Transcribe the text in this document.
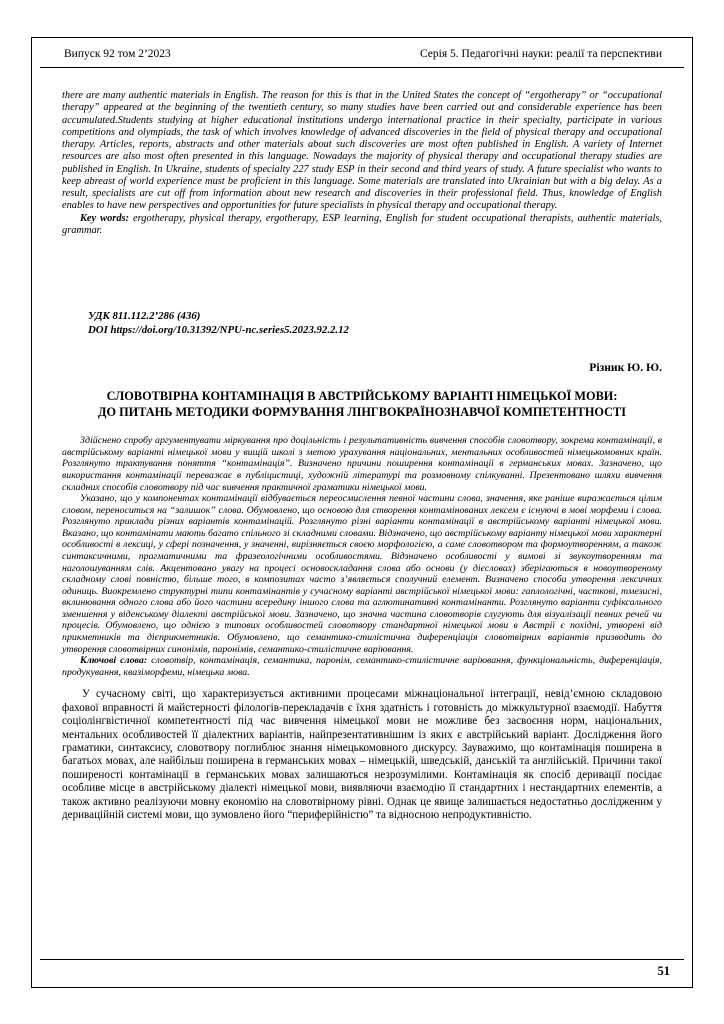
Випуск 92 том 2’2023	Серія 5. Педагогічні науки: реалії та перспективи

there are many authentic materials in English. The reason for this is that in the United States the concept of “ergotherapy” or “occupational therapy” appeared at the beginning of the twentieth century, so many studies have been carried out and considerable experience has been accumulated.Students studying at higher educational institutions undergo international practice in their specialty, participate in various competitions and olympiads, the task of which involves knowledge of advanced discoveries in the field of physical therapy and occupational therapy. Articles, reports, abstracts and other materials about such discoveries are most often published in English. A variety of Internet resources are also most often presented in this language. Nowadays the majority of physical therapy and occupational therapy studies are published in English. In Ukraine, students of specialty 227 study ESP in their second and third years of study. A future specialist who wants to keep abreast of world experience must be proficient in this language. Some materials are translated into Ukrainian but with a big delay. As a result, specialists are cut off from information about new research and discoveries in their professional field. Thus, knowledge of English enables to have new perspectives and opportunities for future specialists in physical therapy and occupational therapy.

Key words: ergotherapy, physical therapy, ergotherapy, ESP learning, English for student occupational therapists, authentic materials, grammar.

УДК 811.112.2’286 (436)
DOI https://doi.org/10.31392/NPU-nc.series5.2023.92.2.12
Різник Ю. Ю.
СЛОВОТВІРНА КОНТАМІНАЦІЯ В АВСТРІЙСЬКОМУ ВАРІАНТІ НІМЕЦЬКОЇ МОВИ:
ДО ПИТАНЬ МЕТОДИКИ ФОРМУВАННЯ ЛІНГВОКРАЇНОЗНАВЧОЇ КОМПЕТЕНТНОСТІ

Здійснено спробу аргументувати міркування про доцільність і результативність вивчення способів словотвору, зокрема контамінації, в австрійському варіанті німецької мови у вищій школі з метою урахування національних, ментальних особливостей німецькомовних країн. Розглянуто трактування поняття “контамінація”. Визначено причини поширення контамінації в германських мовах. Зазначено, що використання контамінації переважає в публіцистиці, художній літературі та розмовному спілкуванні. Презентовано шляхи вивчення складних способів словотвору під час вивчення практичної граматики німецької мови.

Указано, що у компонентах контамінації відбувається переосмислення певної частини слова, значення, яке раніше виражається цілим словом, переноситься на “залишок” слова. Обумовлено, що основою для створення контамінованих лексем є існуючі в мові морфеми і слова. Розглянуто приклади різних варіантів контамінацій. Розглянуто різні варіанти контамінації в австрійському варіанті німецької мови. Вказано, що контамінати мають багато спільного зі складними словами. Відзначено, що австрійському варіанту німецької мови характерні особливості в лексиці, у сфері позначення, у значенні, вирізняється своєю морфологією, а саме словотвором та формоутворенням, а також синтаксичними, прагматичними та фразеологічними особливостями. Відзначено особливості у вимові зі звукоутворенням та наголошуванням слів. Акцентовано увагу на процесі основоскладання слова або основи (у дієсловах) зберігаються в новоутвореному складному слові повністю, більше того, в композитах часто з’являється сполучний елемент. Визначено способи утворення лексичних одиниць. Виокремлено структурні типи контамінантів у сучасному варіанті австрійської німецької мови: гаплологічні, часткові, тмезисні, вклинювання одного слова або його частини всередину іншого слова та аглютинативні контамінанти. Розглянуто варіанти суфіксального зменшення у віденському діалекті австрійської мови. Зазначено, що значна частина словотворів слугують для візуалізації певних речей чи процесів. Обумовлено, що однією з типових особливостей словотвору стандартної німецької мови в Австрії є похідні, утворені від прикметників та дієприкметників. Обумовлено, що семантико-стилістична диференціація словотвірних варіантів призводить до утворення словотвірних синонімів, паронімів, семантико-стилістичне варіювання.

Ключові слова: словотвір, контамінація, семантика, паронім, семантико-стилістичне варіювання, функціональність, диференціація, продукування, квазіморфеми, німецька мова.

У сучасному світі, що характеризується активними процесами міжнаціональної інтеграції, невід’ємною складовою фахової вправності й майстерності філологів-перекладачів є їхня здатність і готовність до міжкультурної взаємодії. Набуття соціолінгвістичної компетентності під час вивчення німецької мови не можливе без засвоєння норм, національних, ментальних особливостей її діалектних варіантів, найпрезентативнішим із яких є австрійський варіант. Дослідження його граматики, синтаксису, словотвору поглиблює знання німецькомовного дискурсу. Зауважимо, що контамінація поширена в багатьох мовах, але найбільш поширена в германських мовах – німецькій, шведській, данській та англійській. Причини такої поширеності контамінації в германських мовах залишаються незрозумілими. Контамінація як спосіб деривації посідає особливе місце в австрійському діалекті німецької мови, виявляючи взаємодію її стандартних і нестандартних елементів, а також активно реалізуючи мовну економію на словотвірному рівні. Однак це явище залишається недостатньо дослідженим у дериваційній системі мови, що зумовлено його “периферійністю” та відносною непродуктивністю.

51
